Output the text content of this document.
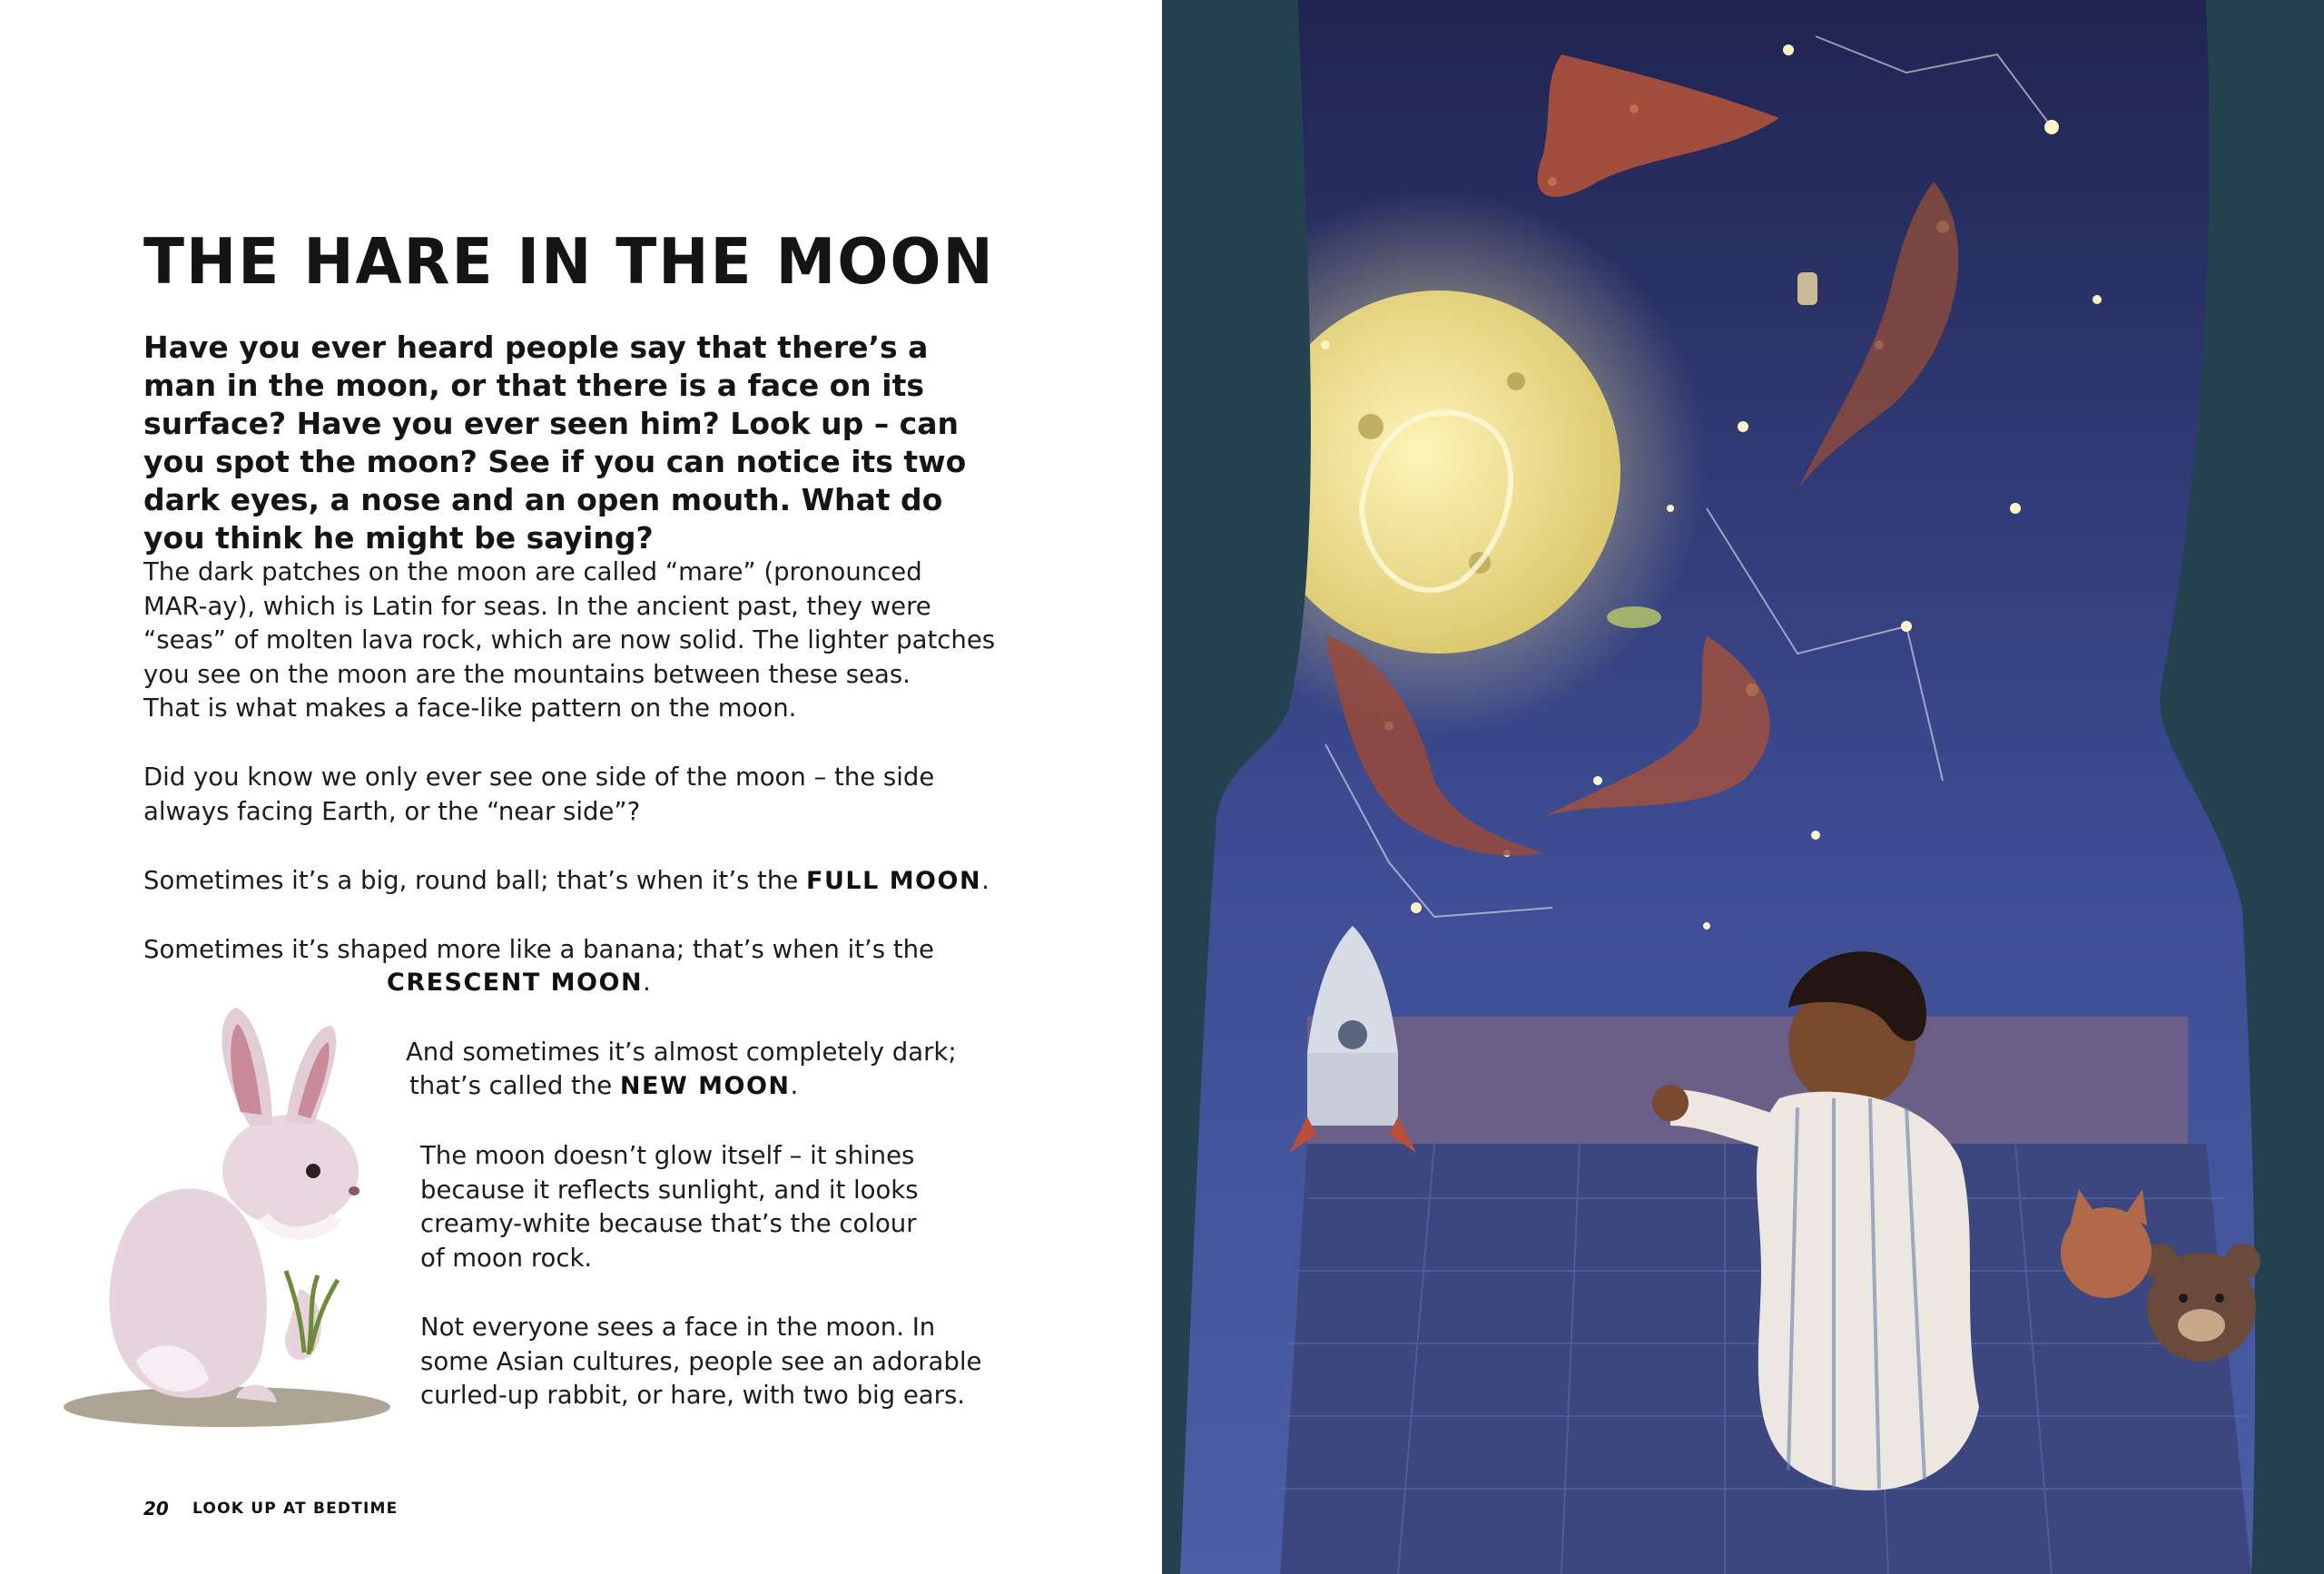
THE HARE IN THE MOON

Have you ever heard people say that there’s a man in the moon, or that there is a face on its surface? Have you ever seen him? Look up – can you spot the moon? See if you can notice its two dark eyes, a nose and an open mouth. What do you think he might be saying?

The dark patches on the moon are called “mare” (pronounced
MAR-ay), which is Latin for seas. In the ancient past, they were
“seas” of molten lava rock, which are now solid. The lighter patches
you see on the moon are the mountains between these seas.
That is what makes a face-like pattern on the moon.

Did you know we only ever see one side of the moon – the side
always facing Earth, or the “near side”?

Sometimes it’s a big, round ball; that’s when it’s the FULL MOON.

Sometimes it’s shaped more like a banana; that’s when it’s the

CRESCENT MOON.

And sometimes it’s almost completely dark;

that’s called the NEW MOON.

The moon doesn’t glow itself – it shines
because it reflects sunlight, and it looks
creamy-white because that’s the colour
of moon rock.

Not everyone sees a face in the moon. In
some Asian cultures, people see an adorable
curled-up rabbit, or hare, with two big ears.

20 LOOK UP AT BEDTIME
